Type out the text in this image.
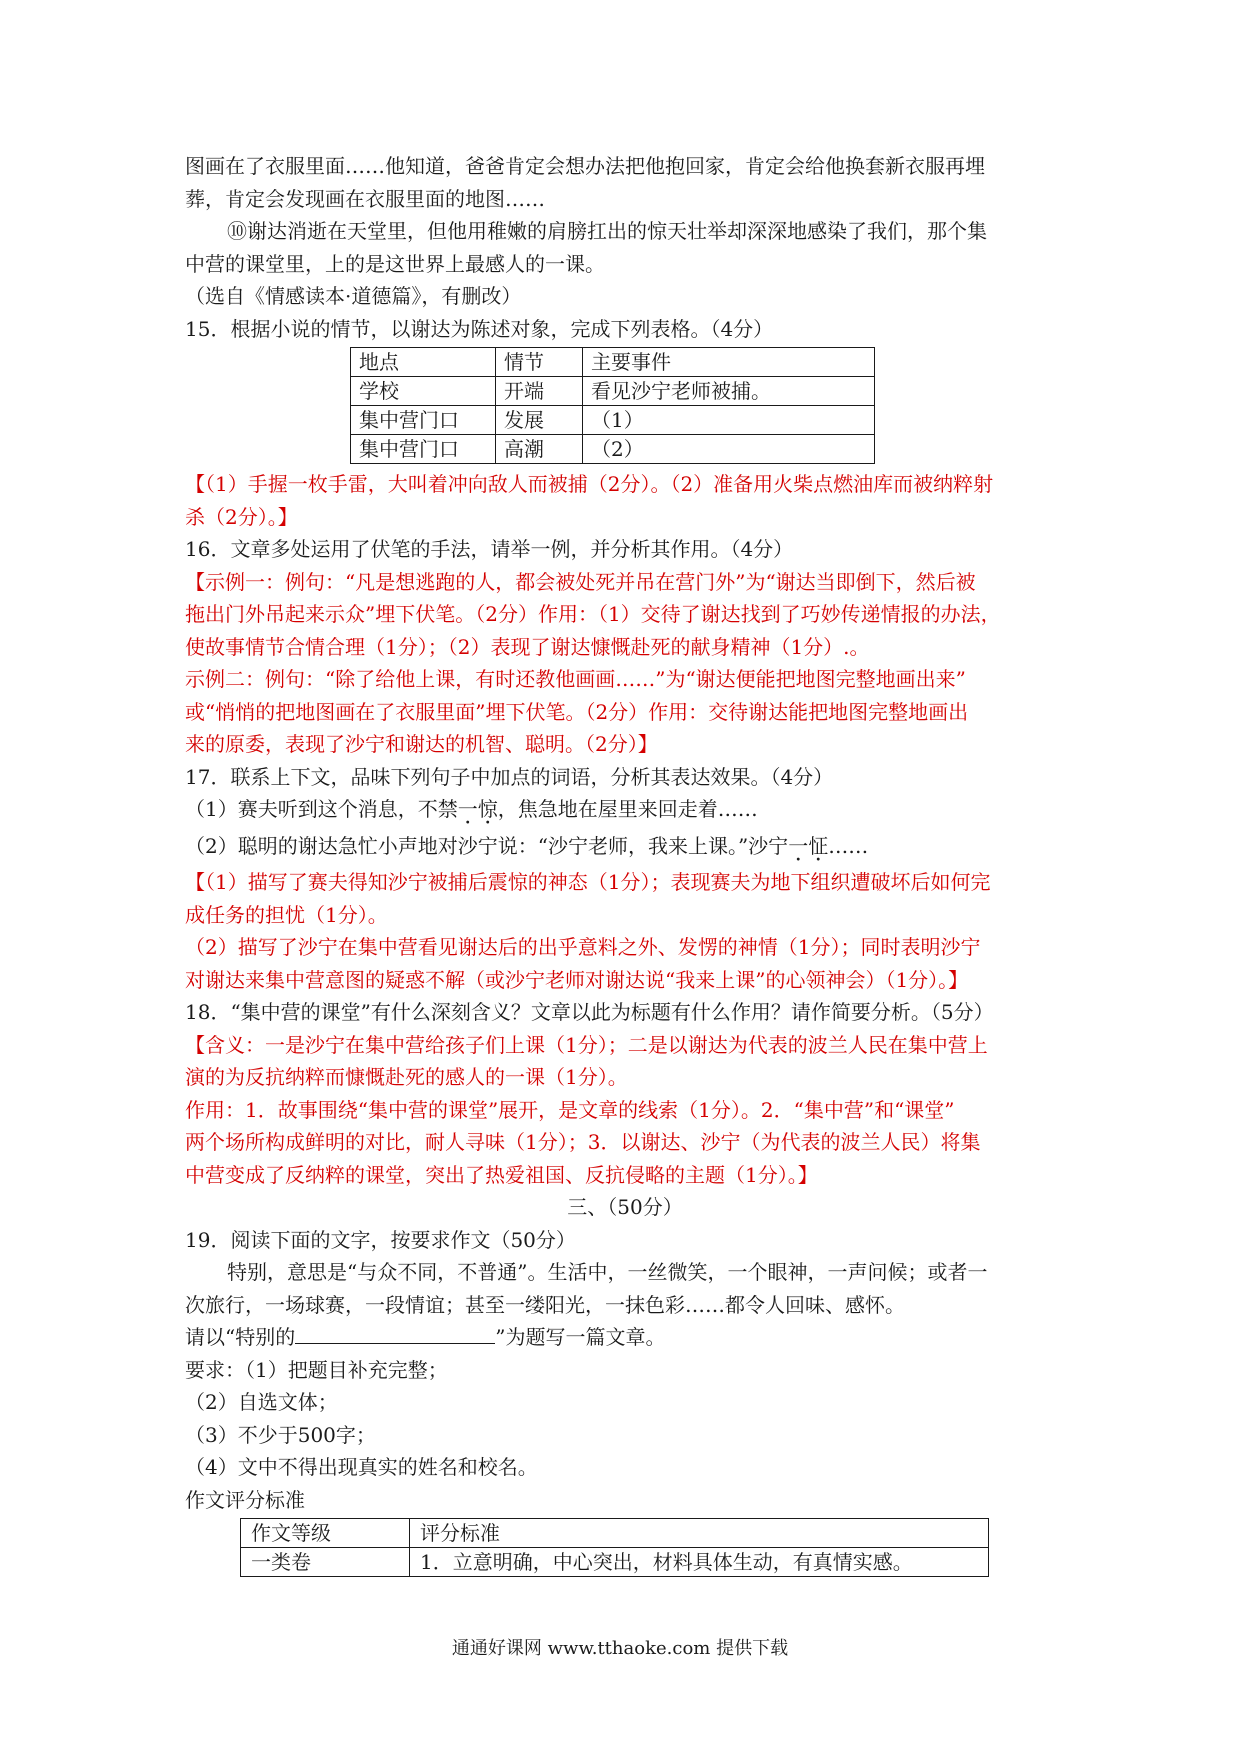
图画在了衣服里面……他知道，爸爸肯定会想办法把他抱回家，肯定会给他换套新衣服再埋

葬，肯定会发现画在衣服里面的地图……

⑩谢达消逝在天堂里，但他用稚嫩的肩膀扛出的惊天壮举却深深地感染了我们，那个集

中营的课堂里，上的是这世界上最感人的一课。

（选自《情感读本·道德篇》，有删改）

15．根据小说的情节，以谢达为陈述对象，完成下列表格。（4分）

地点	情节	主要事件
学校	开端	看见沙宁老师被捕。
集中营门口	发展	（1）
集中营门口	高潮	（2）

【（1）手握一枚手雷，大叫着冲向敌人而被捕（2分）。（2）准备用火柴点燃油库而被纳粹射

杀（2分）。】

16．文章多处运用了伏笔的手法，请举一例，并分析其作用。（4分）

【示例一：例句：“凡是想逃跑的人，都会被处死并吊在营门外”为“谢达当即倒下，然后被

拖出门外吊起来示众”埋下伏笔。（2分）作用：（1）交待了谢达找到了巧妙传递情报的办法，

使故事情节合情合理（1分）；（2）表现了谢达慷慨赴死的献身精神（1分）.。

示例二：例句：“除了给他上课，有时还教他画画……”为“谢达便能把地图完整地画出来”

或“悄悄的把地图画在了衣服里面”埋下伏笔。（2分）作用：交待谢达能把地图完整地画出

来的原委，表现了沙宁和谢达的机智、聪明。（2分）】

17．联系上下文，品味下列句子中加点的词语，分析其表达效果。（4分）

（1）赛夫听到这个消息，不禁一惊，焦急地在屋里来回走着……

（2）聪明的谢达急忙小声地对沙宁说：“沙宁老师，我来上课。”沙宁一怔……

【（1）描写了赛夫得知沙宁被捕后震惊的神态（1分）；表现赛夫为地下组织遭破坏后如何完

成任务的担忧（1分）。

（2）描写了沙宁在集中营看见谢达后的出乎意料之外、发愣的神情（1分）；同时表明沙宁

对谢达来集中营意图的疑惑不解（或沙宁老师对谢达说“我来上课”的心领神会）（1分）。】

18．“集中营的课堂”有什么深刻含义？文章以此为标题有什么作用？请作简要分析。（5分）

【含义：一是沙宁在集中营给孩子们上课（1分）；二是以谢达为代表的波兰人民在集中营上

演的为反抗纳粹而慷慨赴死的感人的一课（1分）。

作用：1．故事围绕“集中营的课堂”展开，是文章的线索（1分）。2．“集中营”和“课堂”

两个场所构成鲜明的对比，耐人寻味（1分）；3．以谢达、沙宁（为代表的波兰人民）将集

中营变成了反纳粹的课堂，突出了热爱祖国、反抗侵略的主题（1分）。】

三、（50分）

19．阅读下面的文字，按要求作文（50分）

特别，意思是“与众不同，不普通”。生活中，一丝微笑，一个眼神，一声问候；或者一

次旅行，一场球赛，一段情谊；甚至一缕阳光，一抹色彩……都令人回味、感怀。

请以“特别的	”为题写一篇文章。

要求：（1）把题目补充完整；

（2）自选文体；

（3）不少于500字；

（4）文中不得出现真实的姓名和校名。

作文评分标准

作文等级	评分标准
一类卷	1．立意明确，中心突出，材料具体生动，有真情实感。
通通好课网 www.tthaoke.com 提供下载
